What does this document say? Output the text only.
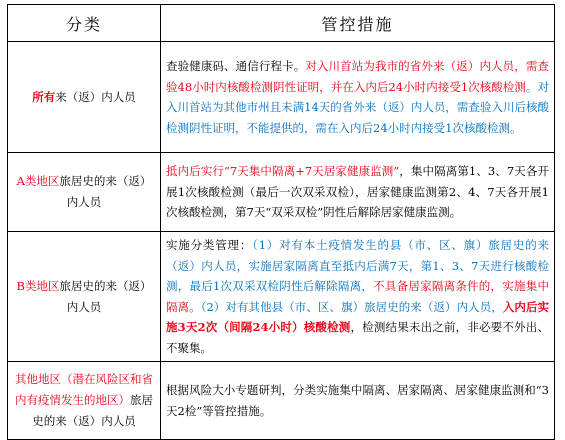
分类	管控措施
所有来（返）内人员	查验健康码、通信行程卡。对入川首站为我市的省外来（返）内人员，需查验48小时内核酸检测阴性证明，并在入内后24小时内接受1次核酸检测。对入川首站为其他市州且未满14天的省外来（返）内人员，需查验入川后核酸检测阴性证明，不能提供的，需在入内后24小时内接受1次核酸检测。
A类地区旅居史的来（返）内人员	抵内后实行“7天集中隔离+7天居家健康监测”，集中隔离第1、3、7天各开展1次核酸检测（最后一次双采双检），居家健康监测第2、4、7天各开展1次核酸检测，第7天“双采双检”阴性后解除居家健康监测。
B类地区旅居史的来（返）内人员	实施分类管理：（1）对有本土疫情发生的县（市、区、旗）旅居史的来（返）内人员，实施居家隔离直至抵内后满7天，第1、3、7天进行核酸检测，最后1次双采双检阴性后解除隔离，不具备居家隔离条件的，实施集中隔离。（2）对有其他县（市、区、旗）旅居史的来（返）内人员，入内后实施3天2次（间隔24小时）核酸检测，检测结果未出之前，非必要不外出、不聚集。
其他地区（潜在风险区和省内有疫情发生的地区）旅居史的来（返）内人员	根据风险大小专题研判，分类实施集中隔离、居家隔离、居家健康监测和“3天2检”等管控措施。
